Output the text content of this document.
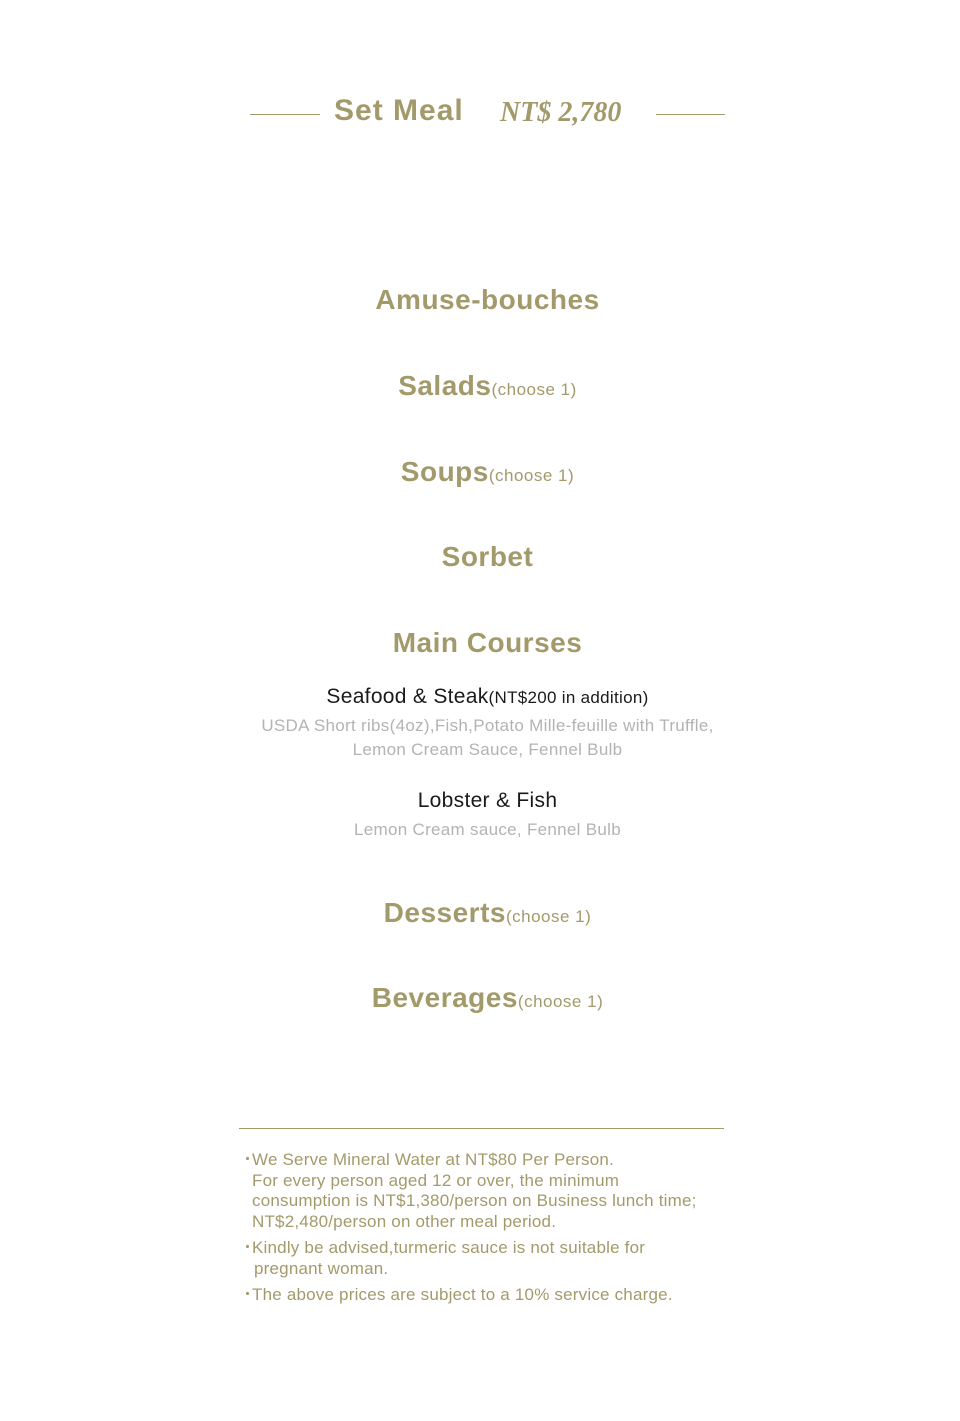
Set Meal NT$ 2,780
Amuse-bouches
Salads(choose 1)
Soups(choose 1)
Sorbet
Main Courses
Seafood & Steak(NT$200 in addition)
USDA Short ribs(4oz),Fish,Potato Mille-feuille with Truffle,
Lemon Cream Sauce, Fennel Bulb
Lobster & Fish
Lemon Cream sauce, Fennel Bulb
Desserts(choose 1)
Beverages(choose 1)
・
We Serve Mineral Water at NT$80 Per Person.
For every person aged 12 or over, the minimum
consumption is NT$1,380/person on Business lunch time;
NT$2,480/person on other meal period.
・
Kindly be advised,turmeric sauce is not suitable for
pregnant woman.
・
The above prices are subject to a 10% service charge.
